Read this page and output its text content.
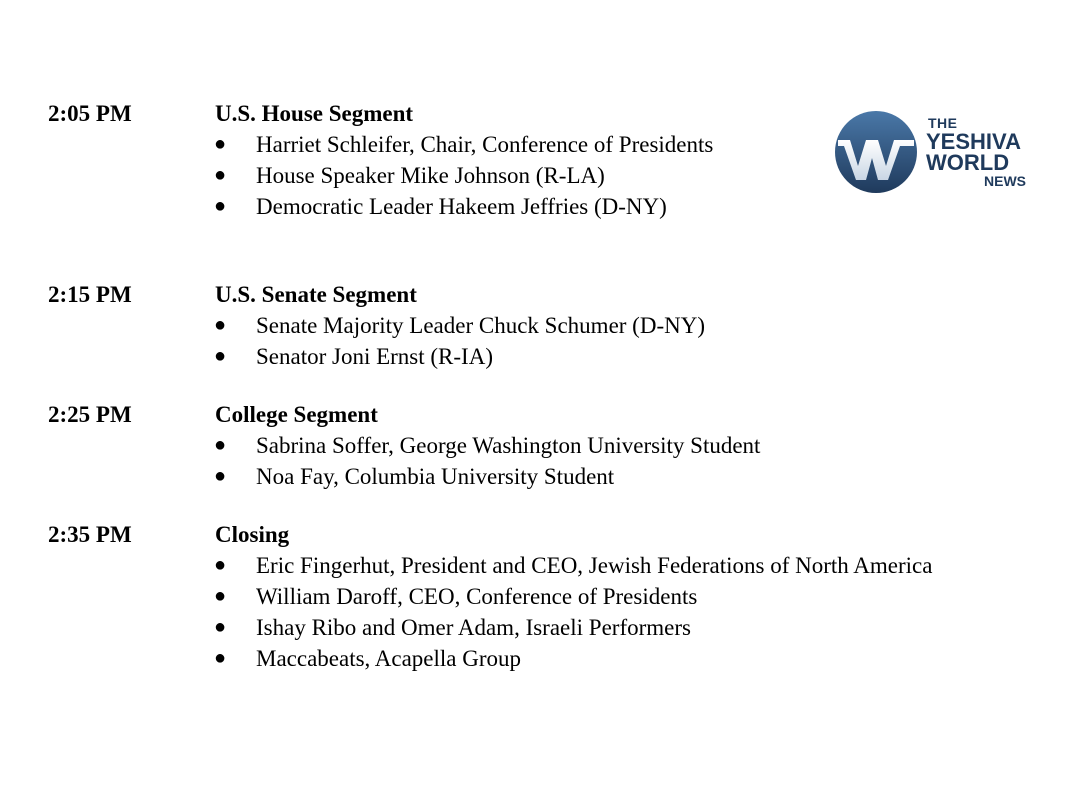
2:05 PM	U.S. House Segment
● Harriet Schleifer, Chair, Conference of Presidents
● House Speaker Mike Johnson (R-LA)
● Democratic Leader Hakeem Jeffries (D-NY)
2:15 PM	U.S. Senate Segment
● Senate Majority Leader Chuck Schumer (D-NY)
● Senator Joni Ernst (R-IA)
2:25 PM	College Segment
● Sabrina Soffer, George Washington University Student
● Noa Fay, Columbia University Student
2:35 PM	Closing
● Eric Fingerhut, President and CEO, Jewish Federations of North America
● William Daroff, CEO, Conference of Presidents
● Ishay Ribo and Omer Adam, Israeli Performers
● Maccabeats, Acapella Group
THE
YESHIVA
WORLD
NEWS
